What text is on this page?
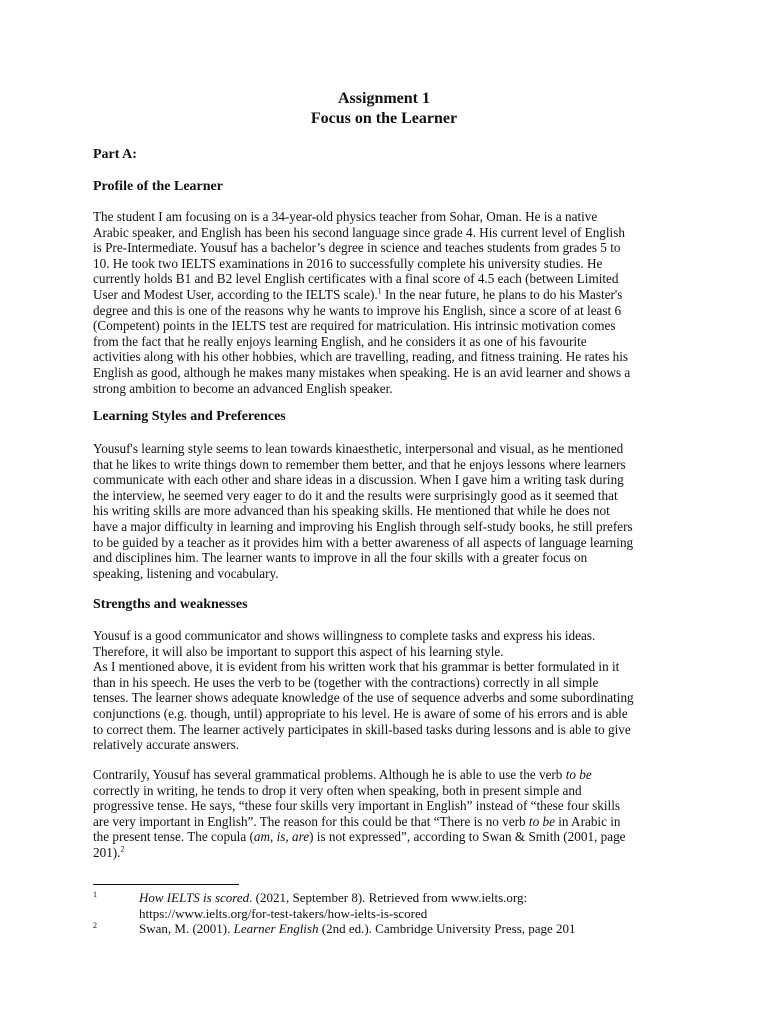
Assignment 1
Focus on the Learner
Part A:
Profile of the Learner
The student I am focusing on is a 34-year-old physics teacher from Sohar, Oman. He is a native
Arabic speaker, and English has been his second language since grade 4. His current level of English
is Pre-Intermediate. Yousuf has a bachelor’s degree in science and teaches students from grades 5 to
10. He took two IELTS examinations in 2016 to successfully complete his university studies. He
currently holds B1 and B2 level English certificates with a final score of 4.5 each (between Limited
User and Modest User, according to the IELTS scale).$^1$ In the near future, he plans to do his Master's
degree and this is one of the reasons why he wants to improve his English, since a score of at least 6
(Competent) points in the IELTS test are required for matriculation. His intrinsic motivation comes
from the fact that he really enjoys learning English, and he considers it as one of his favourite
activities along with his other hobbies, which are travelling, reading, and fitness training. He rates his
English as good, although he makes many mistakes when speaking. He is an avid learner and shows a
strong ambition to become an advanced English speaker.
Learning Styles and Preferences
Yousuf's learning style seems to lean towards kinaesthetic, interpersonal and visual, as he mentioned
that he likes to write things down to remember them better, and that he enjoys lessons where learners
communicate with each other and share ideas in a discussion. When I gave him a writing task during
the interview, he seemed very eager to do it and the results were surprisingly good as it seemed that
his writing skills are more advanced than his speaking skills. He mentioned that while he does not
have a major difficulty in learning and improving his English through self-study books, he still prefers
to be guided by a teacher as it provides him with a better awareness of all aspects of language learning
and disciplines him. The learner wants to improve in all the four skills with a greater focus on
speaking, listening and vocabulary.
Strengths and weaknesses
Yousuf is a good communicator and shows willingness to complete tasks and express his ideas.
Therefore, it will also be important to support this aspect of his learning style.
As I mentioned above, it is evident from his written work that his grammar is better formulated in it
than in his speech. He uses the verb to be (together with the contractions) correctly in all simple
tenses. The learner shows adequate knowledge of the use of sequence adverbs and some subordinating
conjunctions (e.g. though, until) appropriate to his level. He is aware of some of his errors and is able
to correct them. The learner actively participates in skill-based tasks during lessons and is able to give
relatively accurate answers.
Contrarily, Yousuf has several grammatical problems. Although he is able to use the verb to be
correctly in writing, he tends to drop it very often when speaking, both in present simple and
progressive tense. He says, “these four skills very important in English” instead of “these four skills
are very important in English”. The reason for this could be that “There is no verb to be in Arabic in
the present tense. The copula (am, is, are) is not expressed”, according to Swan & Smith (2001, page
201).$^2$
1	How IELTS is scored. (2021, September 8). Retrieved from www.ielts.org:
https://www.ielts.org/for-test-takers/how-ielts-is-scored
2	Swan, M. (2001). Learner English (2nd ed.). Cambridge University Press, page 201
